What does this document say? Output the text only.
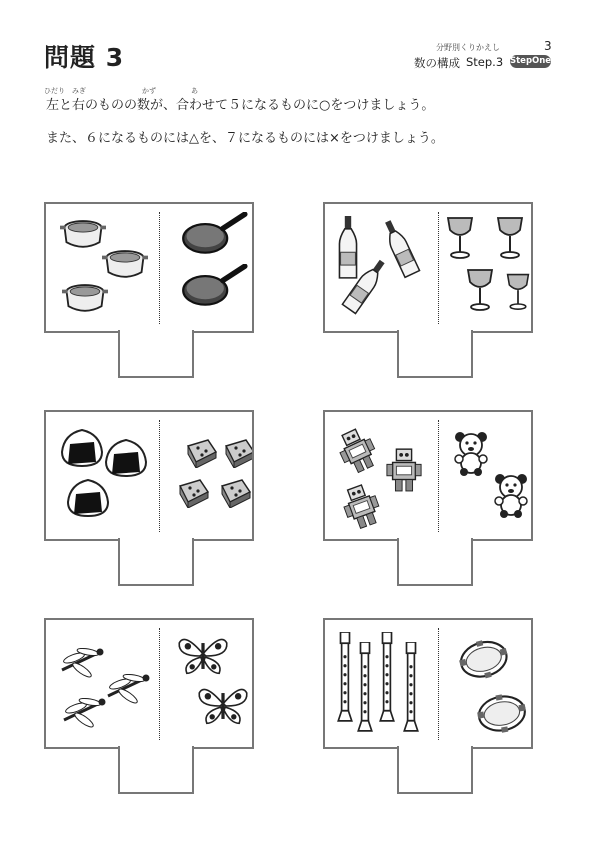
問題 3	分野別くりかえし	3
数の構成 Step.3 StepOne
ひだり みぎ	かず	あ
左と右のものの数が、合わせて５になるものに○をつけましょう。
また、６になるものには△を、７になるものには×をつけましょう。
